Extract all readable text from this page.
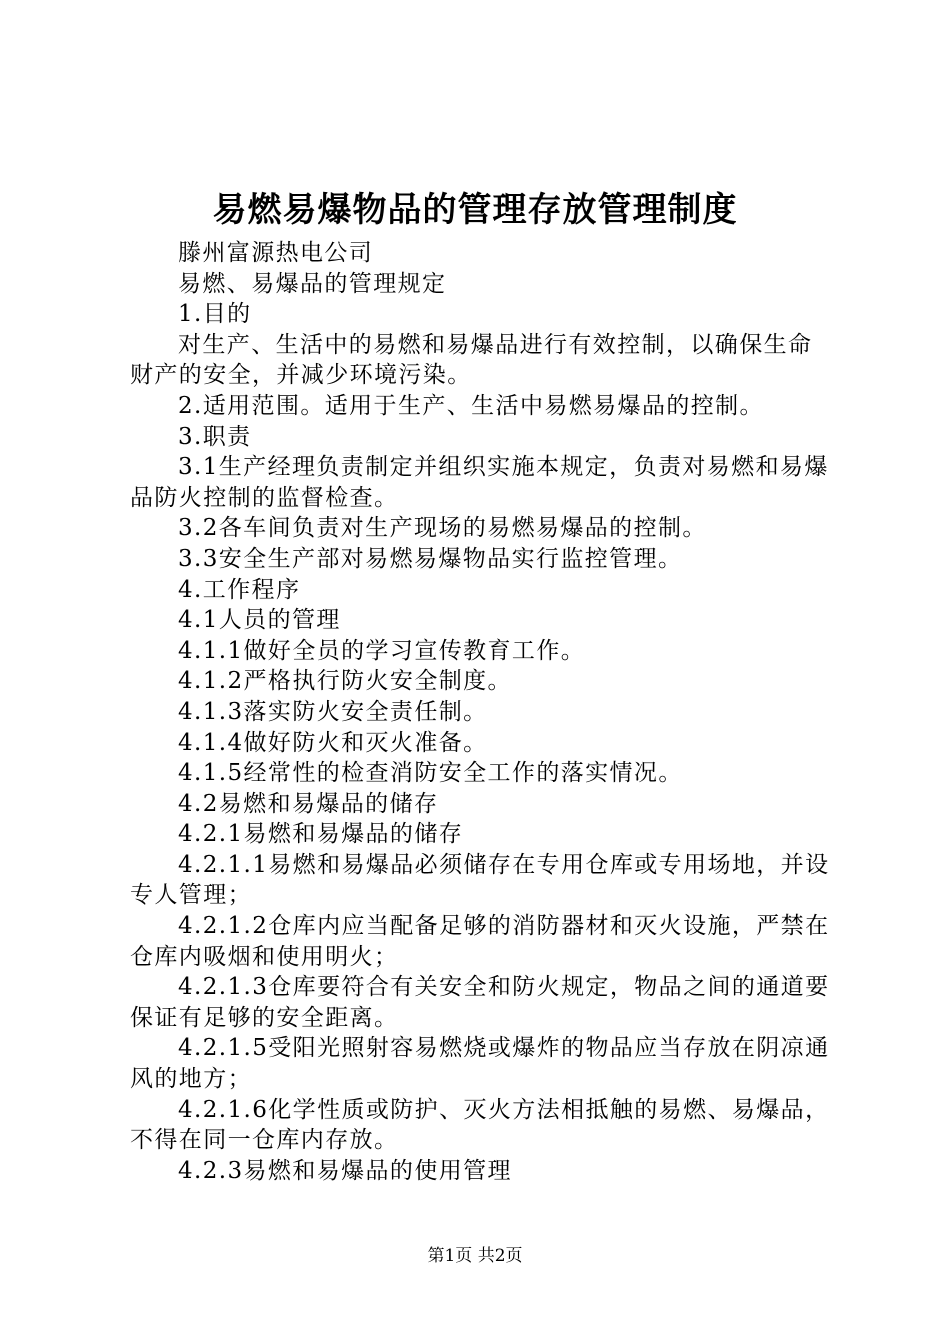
易燃易爆物品的管理存放管理制度

滕州富源热电公司

易燃、易爆品的管理规定

1.目的

对生产、生活中的易燃和易爆品进行有效控制，以确保生命财产的安全，并减少环境污染。

2.适用范围。适用于生产、生活中易燃易爆品的控制。

3.职责

3.1生产经理负责制定并组织实施本规定，负责对易燃和易爆品防火控制的监督检查。

3.2各车间负责对生产现场的易燃易爆品的控制。

3.3安全生产部对易燃易爆物品实行监控管理。

4.工作程序

4.1人员的管理

4.1.1做好全员的学习宣传教育工作。

4.1.2严格执行防火安全制度。

4.1.3落实防火安全责任制。

4.1.4做好防火和灭火准备。

4.1.5经常性的检查消防安全工作的落实情况。

4.2易燃和易爆品的储存

4.2.1易燃和易爆品的储存

4.2.1.1易燃和易爆品必须储存在专用仓库或专用场地，并设专人管理；

4.2.1.2仓库内应当配备足够的消防器材和灭火设施，严禁在仓库内吸烟和使用明火；

4.2.1.3仓库要符合有关安全和防火规定，物品之间的通道要保证有足够的安全距离。

4.2.1.5受阳光照射容易燃烧或爆炸的物品应当存放在阴凉通风的地方；

4.2.1.6化学性质或防护、灭火方法相抵触的易燃、易爆品，不得在同一仓库内存放。

4.2.3易燃和易爆品的使用管理

第1页 共2页
